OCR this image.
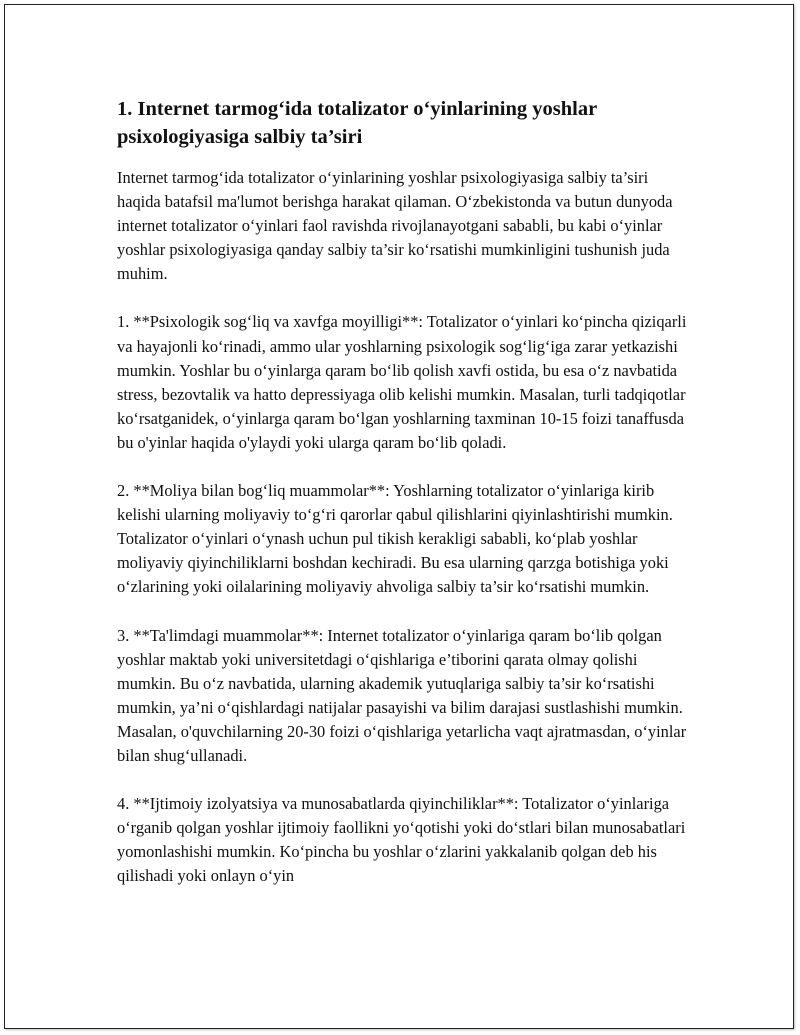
1. Internet tarmog‘ida totalizator o‘yinlarining yoshlar psixologiyasiga salbiy ta’siri

Internet tarmog‘ida totalizator o‘yinlarining yoshlar psixologiyasiga salbiy ta’siri haqida batafsil ma'lumot berishga harakat qilaman. O‘zbekistonda va butun dunyoda internet totalizator o‘yinlari faol ravishda rivojlanayotgani sababli, bu kabi o‘yinlar yoshlar psixologiyasiga qanday salbiy ta’sir ko‘rsatishi mumkinligini tushunish juda muhim.

1. **Psixologik sog‘liq va xavfga moyilligi**: Totalizator o‘yinlari ko‘pincha qiziqarli va hayajonli ko‘rinadi, ammo ular yoshlarning psixologik sog‘lig‘iga zarar yetkazishi mumkin. Yoshlar bu o‘yinlarga qaram bo‘lib qolish xavfi ostida, bu esa o‘z navbatida stress, bezovtalik va hatto depressiyaga olib kelishi mumkin. Masalan, turli tadqiqotlar ko‘rsatganidek, o‘yinlarga qaram bo‘lgan yoshlarning taxminan 10-15 foizi tanaffusda bu o'yinlar haqida o'ylaydi yoki ularga qaram bo‘lib qoladi.

2. **Moliya bilan bog‘liq muammolar**: Yoshlarning totalizator o‘yinlariga kirib kelishi ularning moliyaviy to‘g‘ri qarorlar qabul qilishlarini qiyinlashtirishi mumkin. Totalizator o‘yinlari o‘ynash uchun pul tikish kerakligi sababli, ko‘plab yoshlar moliyaviy qiyinchiliklarni boshdan kechiradi. Bu esa ularning qarzga botishiga yoki o‘zlarining yoki oilalarining moliyaviy ahvoliga salbiy ta’sir ko‘rsatishi mumkin.

3. **Ta'limdagi muammolar**: Internet totalizator o‘yinlariga qaram bo‘lib qolgan yoshlar maktab yoki universitetdagi o‘qishlariga e’tiborini qarata olmay qolishi mumkin. Bu o‘z navbatida, ularning akademik yutuqlariga salbiy ta’sir ko‘rsatishi mumkin, ya’ni o‘qishlardagi natijalar pasayishi va bilim darajasi sustlashishi mumkin. Masalan, o'quvchilarning 20-30 foizi o‘qishlariga yetarlicha vaqt ajratmasdan, o‘yinlar bilan shug‘ullanadi.

4. **Ijtimoiy izolyatsiya va munosabatlarda qiyinchiliklar**: Totalizator o‘yinlariga o‘rganib qolgan yoshlar ijtimoiy faollikni yo‘qotishi yoki do‘stlari bilan munosabatlari yomonlashishi mumkin. Ko‘pincha bu yoshlar o‘zlarini yakkalanib qolgan deb his qilishadi yoki onlayn o‘yin
